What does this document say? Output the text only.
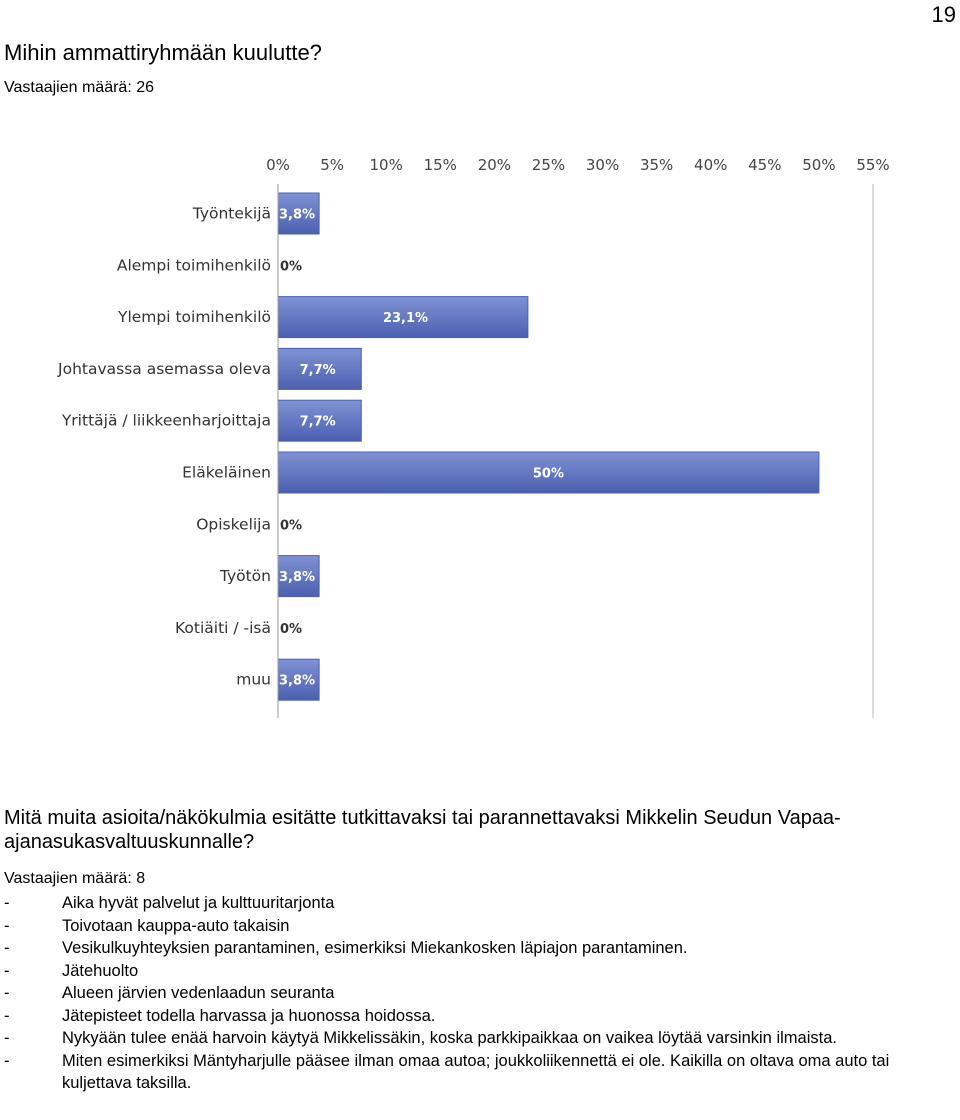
19
Mihin ammattiryhmään kuulutte?
Vastaajien määrä: 26
0% 5% 10% 15% 20% 25% 30% 35% 40% 45% 50% 55%
3,8%
0%
23,1%
7,7%
7,7%
50%
0%
3,8%
0%
3,8%
Työntekijä
Alempi toimihenkilö
Ylempi toimihenkilö
Johtavassa asemassa oleva
Yrittäjä / liikkeenharjoittaja
Eläkeläinen
Opiskelija
Työtön
Kotiäiti / -isä
muu
Mitä muita asioita/näkökulmia esitätte tutkittavaksi tai parannettavaksi Mikkelin Seudun Vapaa-ajanasukasvaltuuskunnalle?
Vastaajien määrä: 8
-	Aika hyvät palvelut ja kulttuuritarjonta
-	Toivotaan kauppa-auto takaisin
-	Vesikulkuyhteyksien parantaminen, esimerkiksi Miekankosken läpiajon parantaminen.
-	Jätehuolto
-	Alueen järvien vedenlaadun seuranta
-	Jätepisteet todella harvassa ja huonossa hoidossa.
-	Nykyään tulee enää harvoin käytyä Mikkelissäkin, koska parkkipaikkaa on vaikea löytää varsinkin ilmaista.
-	Miten esimerkiksi Mäntyharjulle pääsee ilman omaa autoa; joukkoliikennettä ei ole. Kaikilla on oltava oma auto tai kuljettava taksilla.
